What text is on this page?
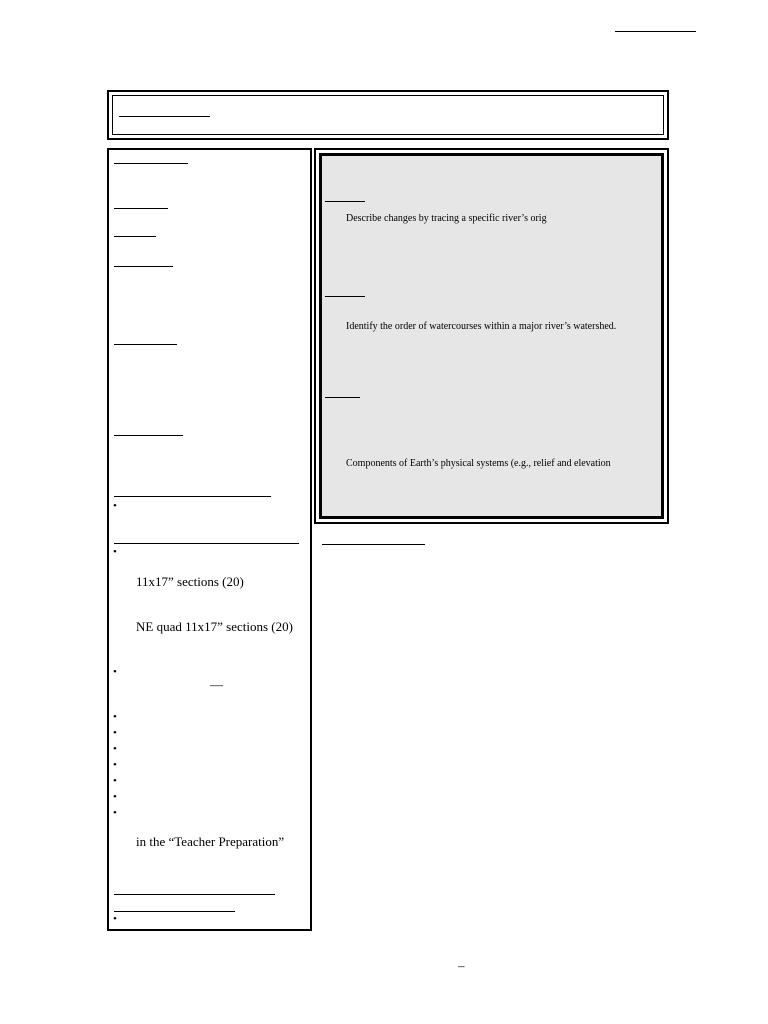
•
•
•
•
•
•
•
•
•
•
•
11x17” sections (20)
NE quad 11x17” sections (20)
—
in the “Teacher Preparation”
Describe changes by tracing a specific river’s orig
Identify the order of watercourses within a major river’s watershed.
Components of Earth’s physical systems (e.g., relief and elevation
–
